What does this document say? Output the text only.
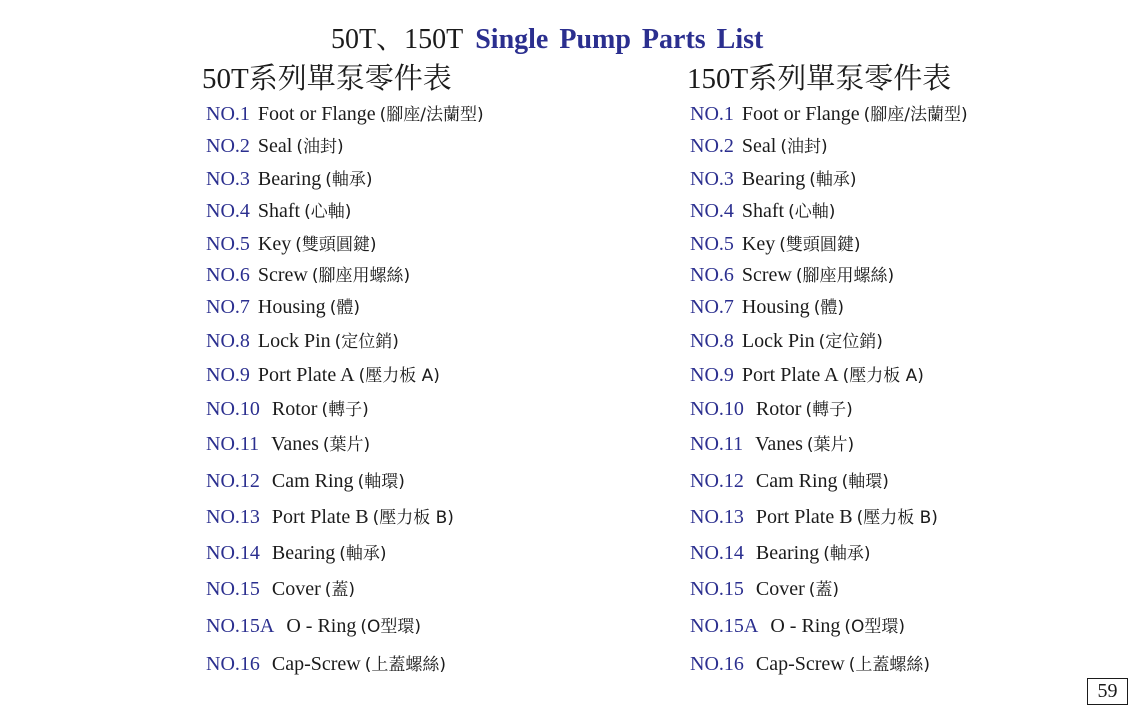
50T、150T Single Pump Parts List
50T系列單泵零件表	150T系列單泵零件表
NO.1 Foot or Flange (腳座/法蘭型)
NO.2 Seal (油封)
NO.3 Bearing (軸承)
NO.4 Shaft (心軸)
NO.5 Key (雙頭圓鍵)
NO.6 Screw (腳座用螺絲)
NO.7 Housing (體)
NO.8 Lock Pin (定位銷)
NO.9 Port Plate A (壓力板 A)
NO.10 Rotor (轉子)
NO.11 Vanes (葉片)
NO.12 Cam Ring (軸環)
NO.13 Port Plate B (壓力板 B)
NO.14 Bearing (軸承)
NO.15 Cover (蓋)
NO.15A O - Ring (O型環)
NO.16 Cap-Screw (上蓋螺絲)
NO.1 Foot or Flange (腳座/法蘭型)
NO.2 Seal (油封)
NO.3 Bearing (軸承)
NO.4 Shaft (心軸)
NO.5 Key (雙頭圓鍵)
NO.6 Screw (腳座用螺絲)
NO.7 Housing (體)
NO.8 Lock Pin (定位銷)
NO.9 Port Plate A (壓力板 A)
NO.10 Rotor (轉子)
NO.11 Vanes (葉片)
NO.12 Cam Ring (軸環)
NO.13 Port Plate B (壓力板 B)
NO.14 Bearing (軸承)
NO.15 Cover (蓋)
NO.15A O - Ring (O型環)
NO.16 Cap-Screw (上蓋螺絲)
59
